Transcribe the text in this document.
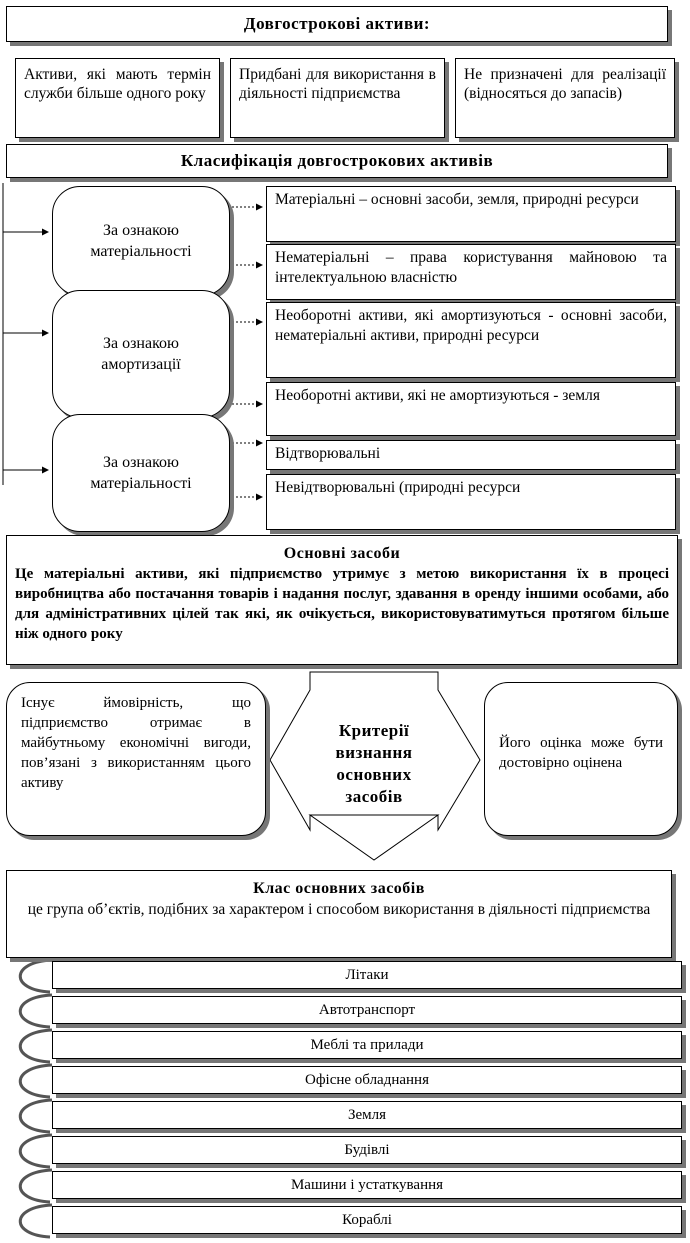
Довгострокові активи:
Активи, які мають термін служби більше одного року
Придбані для використання в діяльності підприємства
Не призначені для реалізації (відносяться до запасів)
Класифікація довгострокових активів
За ознакою матеріальності
За ознакою амортизації
За ознакою матеріальності
Матеріальні – основні засоби, земля, природні ресурси
Нематеріальні – права користування майновою та інтелектуальною власністю
Необоротні активи, які амортизуються - основні засоби, нематеріальні активи, природні ресурси
Необоротні активи, які не амортизуються - земля
Відтворювальні
Невідтворювальні (природні ресурси
Основні засоби
Це матеріальні активи, які підприємство утримує з метою використання їх в процесі виробництва або постачання товарів і надання послуг, здавання в оренду іншими особами, або для адміністративних цілей так які, як очікується, використовуватимуться протягом більше ніж одного року
Існує ймовірність, що підприємство отримає в майбутньому економічні вигоди, пов’язані з використанням цього активу
Критерії визнання основних засобів
Його оцінка може бути достовірно оцінена
Клас основних засобів
це група об’єктів, подібних за характером і способом використання в діяльності підприємства
Літаки
Автотранспорт
Меблі та прилади
Офісне обладнання
Земля
Будівлі
Машини і устаткування
Кораблі
